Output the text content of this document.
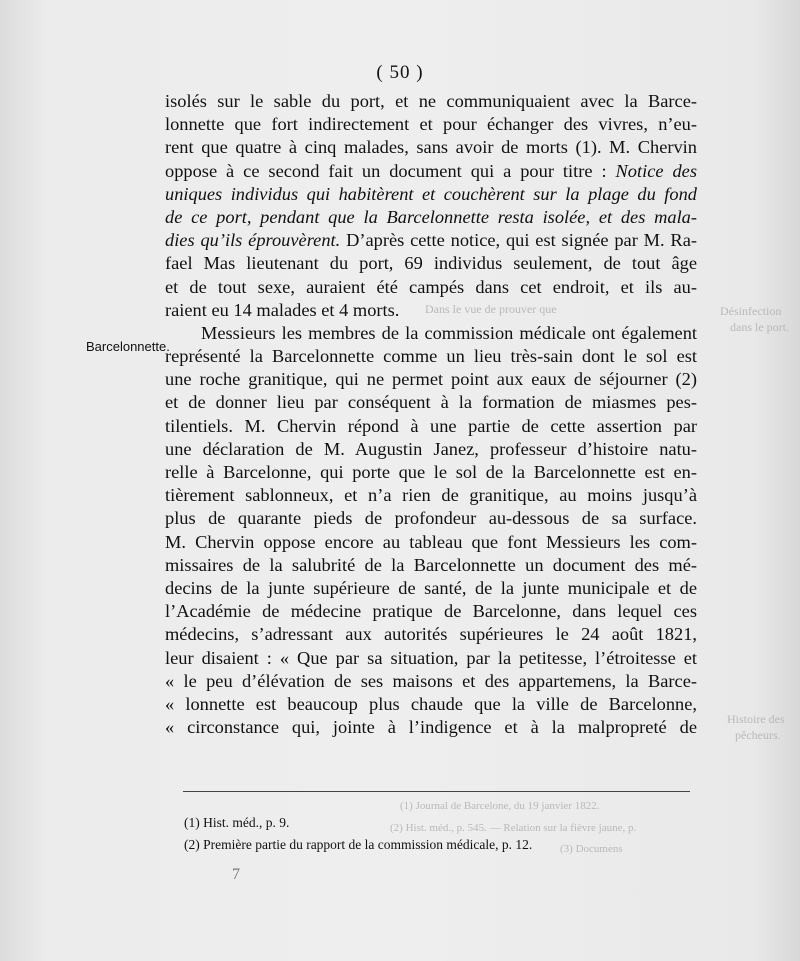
( 50 )
Dans le vue de prouver que	Désinfection
dans le port.
Histoire des
pêcheurs.
(1) Journal de Barcelone, du 19 janvier 1822.
(2) Hist. méd., p. 545. — Relation sur la fièvre jaune, p.
(3) Documens
Barcelonnette.
isolés sur le sable du port, et ne communiquaient avec la Barce-
lonnette que fort indirectement et pour échanger des vivres, n’eu-
rent que quatre à cinq malades, sans avoir de morts (1). M. Chervin
oppose à ce second fait un document qui a pour titre : Notice des
uniques individus qui habitèrent et couchèrent sur la plage du fond
de ce port, pendant que la Barcelonnette resta isolée, et des mala-
dies qu’ils éprouvèrent. D’après cette notice, qui est signée par M. Ra-
fael Mas lieutenant du port, 69 individus seulement, de tout âge
et de tout sexe, auraient été campés dans cet endroit, et ils au-
raient eu 14 malades et 4 morts.
Messieurs les membres de la commission médicale ont également
représenté la Barcelonnette comme un lieu très-sain dont le sol est
une roche granitique, qui ne permet point aux eaux de séjourner (2)
et de donner lieu par conséquent à la formation de miasmes pes-
tilentiels. M. Chervin répond à une partie de cette assertion par
une déclaration de M. Augustin Janez, professeur d’histoire natu-
relle à Barcelonne, qui porte que le sol de la Barcelonnette est en-
tièrement sablonneux, et n’a rien de granitique, au moins jusqu’à
plus de quarante pieds de profondeur au-dessous de sa surface.
M. Chervin oppose encore au tableau que font Messieurs les com-
missaires de la salubrité de la Barcelonnette un document des mé-
decins de la junte supérieure de santé, de la junte municipale et de
l’Académie de médecine pratique de Barcelonne, dans lequel ces
médecins, s’adressant aux autorités supérieures le 24 août 1821,
leur disaient : « Que par sa situation, par la petitesse, l’étroitesse et
« le peu d’élévation de ses maisons et des appartemens, la Barce-
« lonnette est beaucoup plus chaude que la ville de Barcelonne,
« circonstance qui, jointe à l’indigence et à la malpropreté de
(1) Hist. méd., p. 9.
(2) Première partie du rapport de la commission médicale, p. 12.
7
